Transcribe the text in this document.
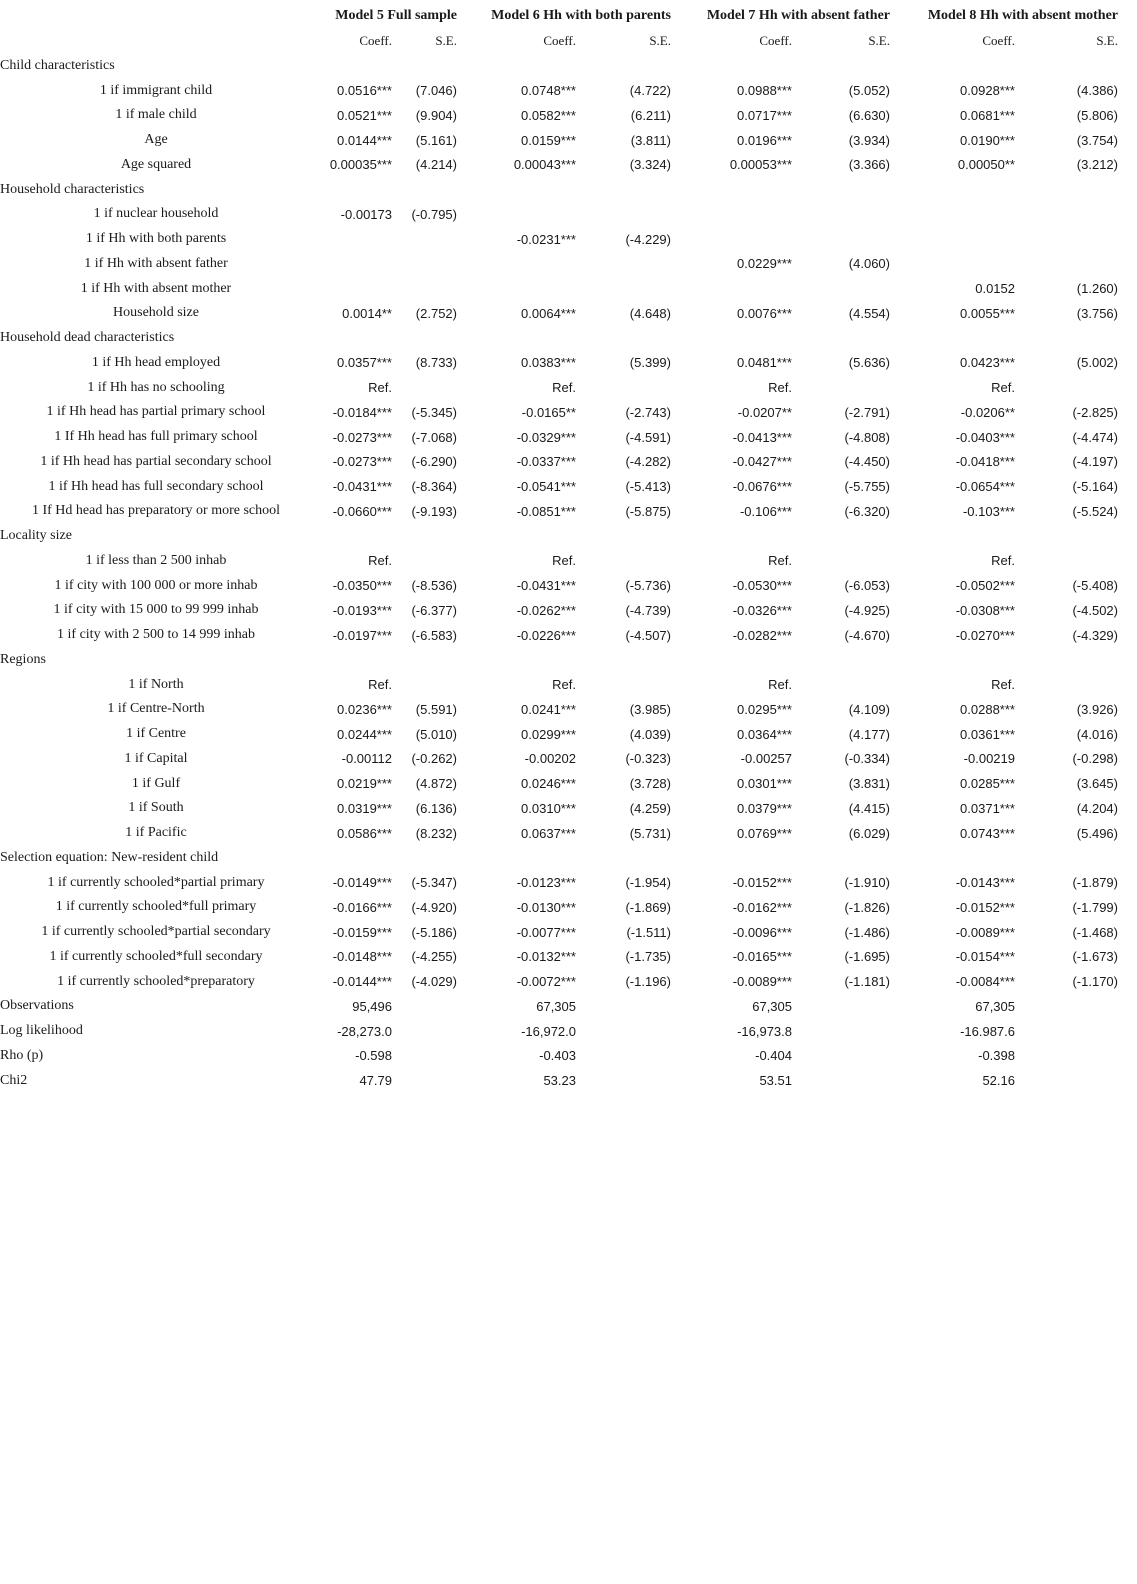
	Model 5 Full sample		Model 6 Hh with both parents		Model 7 Hh with absent father		Model 8 Hh with absent mother	
	Coeff.	S.E.	Coeff.	S.E.	Coeff.	S.E.	Coeff.	S.E.
Child characteristics								
1 if immigrant child	0.0516***	(7.046)	0.0748***	(4.722)	0.0988***	(5.052)	0.0928***	(4.386)
1 if male child	0.0521***	(9.904)	0.0582***	(6.211)	0.0717***	(6.630)	0.0681***	(5.806)
Age	0.0144***	(5.161)	0.0159***	(3.811)	0.0196***	(3.934)	0.0190***	(3.754)
Age squared	0.00035***	(4.214)	0.00043***	(3.324)	0.00053***	(3.366)	0.00050**	(3.212)
Household characteristics								
1 if nuclear household	-0.00173	(-0.795)						
1 if Hh with both parents			-0.0231***	(-4.229)				
1 if Hh with absent father					0.0229***	(4.060)		
1 if Hh with absent mother							0.0152	(1.260)
Household size	0.0014**	(2.752)	0.0064***	(4.648)	0.0076***	(4.554)	0.0055***	(3.756)
Household dead characteristics								
1 if Hh head employed	0.0357***	(8.733)	0.0383***	(5.399)	0.0481***	(5.636)	0.0423***	(5.002)
1 if Hh has no schooling	Ref.		Ref.		Ref.		Ref.	
1 if Hh head has partial primary school	-0.0184***	(-5.345)	-0.0165**	(-2.743)	-0.0207**	(-2.791)	-0.0206**	(-2.825)
1 If Hh head has full primary school	-0.0273***	(-7.068)	-0.0329***	(-4.591)	-0.0413***	(-4.808)	-0.0403***	(-4.474)
1 if Hh head has partial secondary school	-0.0273***	(-6.290)	-0.0337***	(-4.282)	-0.0427***	(-4.450)	-0.0418***	(-4.197)
1 if Hh head has full secondary school	-0.0431***	(-8.364)	-0.0541***	(-5.413)	-0.0676***	(-5.755)	-0.0654***	(-5.164)
1 If Hd head has preparatory or more school	-0.0660***	(-9.193)	-0.0851***	(-5.875)	-0.106***	(-6.320)	-0.103***	(-5.524)
Locality size								
1 if less than 2 500 inhab	Ref.		Ref.		Ref.		Ref.	
1 if city with 100 000 or more inhab	-0.0350***	(-8.536)	-0.0431***	(-5.736)	-0.0530***	(-6.053)	-0.0502***	(-5.408)
1 if city with 15 000 to 99 999 inhab	-0.0193***	(-6.377)	-0.0262***	(-4.739)	-0.0326***	(-4.925)	-0.0308***	(-4.502)
1 if city with 2 500 to 14 999 inhab	-0.0197***	(-6.583)	-0.0226***	(-4.507)	-0.0282***	(-4.670)	-0.0270***	(-4.329)
Regions								
1 if North	Ref.		Ref.		Ref.		Ref.	
1 if Centre-North	0.0236***	(5.591)	0.0241***	(3.985)	0.0295***	(4.109)	0.0288***	(3.926)
1 if Centre	0.0244***	(5.010)	0.0299***	(4.039)	0.0364***	(4.177)	0.0361***	(4.016)
1 if Capital	-0.00112	(-0.262)	-0.00202	(-0.323)	-0.00257	(-0.334)	-0.00219	(-0.298)
1 if Gulf	0.0219***	(4.872)	0.0246***	(3.728)	0.0301***	(3.831)	0.0285***	(3.645)
1 if South	0.0319***	(6.136)	0.0310***	(4.259)	0.0379***	(4.415)	0.0371***	(4.204)
1 if Pacific	0.0586***	(8.232)	0.0637***	(5.731)	0.0769***	(6.029)	0.0743***	(5.496)
Selection equation: New-resident child								
1 if currently schooled*partial primary	-0.0149***	(-5.347)	-0.0123***	(-1.954)	-0.0152***	(-1.910)	-0.0143***	(-1.879)
1 if currently schooled*full primary	-0.0166***	(-4.920)	-0.0130***	(-1.869)	-0.0162***	(-1.826)	-0.0152***	(-1.799)
1 if currently schooled*partial secondary	-0.0159***	(-5.186)	-0.0077***	(-1.511)	-0.0096***	(-1.486)	-0.0089***	(-1.468)
1 if currently schooled*full secondary	-0.0148***	(-4.255)	-0.0132***	(-1.735)	-0.0165***	(-1.695)	-0.0154***	(-1.673)
1 if currently schooled*preparatory	-0.0144***	(-4.029)	-0.0072***	(-1.196)	-0.0089***	(-1.181)	-0.0084***	(-1.170)
Observations	95,496		67,305		67,305		67,305	
Log likelihood	-28,273.0		-16,972.0		-16,973.8		-16.987.6	
Rho (p)	-0.598		-0.403		-0.404		-0.398	
Chi2	47.79		53.23		53.51		52.16	
